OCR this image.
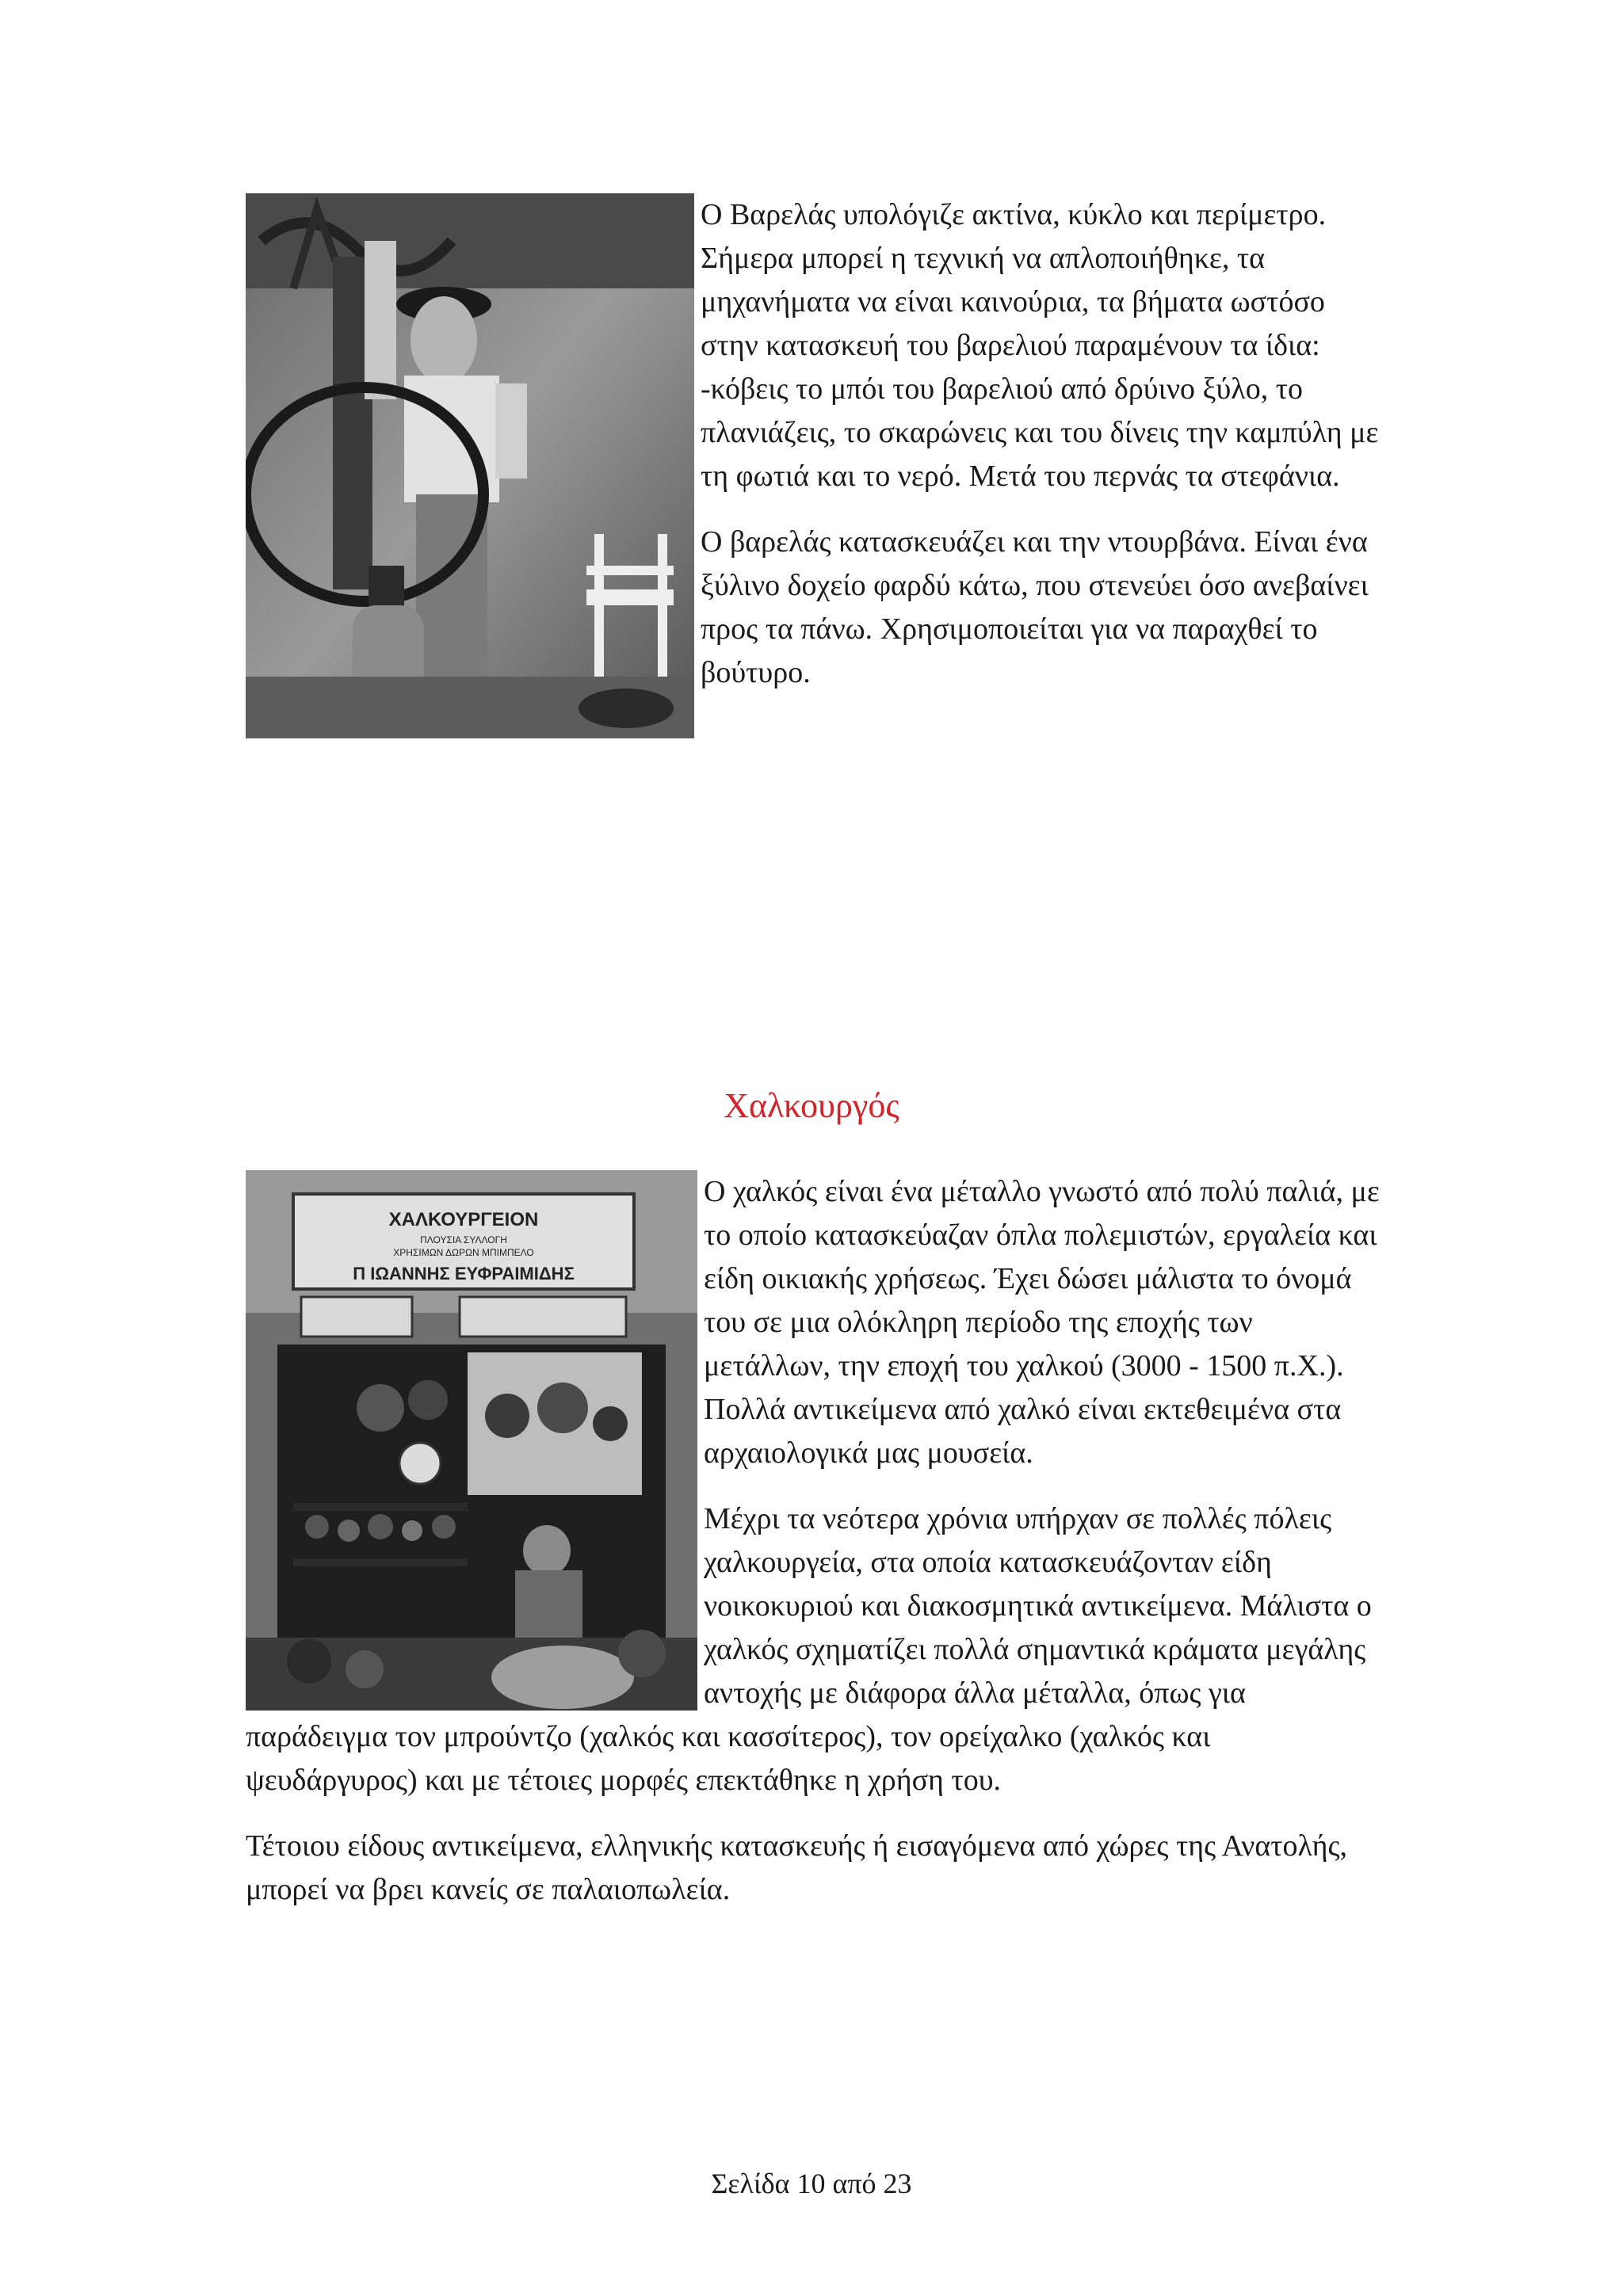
Ο Βαρελάς υπολόγιζε ακτίνα, κύκλο και περίμετρο. Σήμερα μπορεί η τεχνική να απλοποιήθηκε, τα μηχανήματα να είναι καινούρια, τα βήματα ωστόσο στην κατασκευή του βαρελιού παραμένουν τα ίδια: -κόβεις το μπόι του βαρελιού από δρύινο ξύλο, το πλανιάζεις, το σκαρώνεις και του δίνεις την καμπύλη με τη φωτιά και το νερό. Μετά του περνάς τα στεφάνια.

Ο βαρελάς κατασκευάζει και την ντουρβάνα. Είναι ένα ξύλινο δοχείο φαρδύ κάτω, που στενεύει όσο ανεβαίνει προς τα πάνω. Χρησιμοποιείται για να παραχθεί το βούτυρο.

Χαλκουργός
ΧΑΛΚΟΥΡΓΕΙΟΝ
ΠΛΟΥΣΙΑ ΣΥΛΛΟΓΗ
ΧΡΗΣΙΜΩΝ ΔΩΡΩΝ ΜΠΙΜΠΕΛΟ
Π ΙΩΑΝΝΗΣ ΕΥΦΡΑΙΜΙΔΗΣ

Ο χαλκός είναι ένα μέταλλο γνωστό από πολύ παλιά, με το οποίο κατασκεύαζαν όπλα πολεμιστών, εργαλεία και είδη οικιακής χρήσεως. Έχει δώσει μάλιστα το όνομά του σε μια ολόκληρη περίοδο της εποχής των μετάλλων, την εποχή του χαλκού (3000 - 1500 π.Χ.). Πολλά αντικείμενα από χαλκό είναι εκτεθειμένα στα αρχαιολογικά μας μουσεία.

Μέχρι τα νεότερα χρόνια υπήρχαν σε πολλές πόλεις χαλκουργεία, στα οποία κατασκευάζονταν είδη νοικοκυριού και διακοσμητικά αντικείμενα. Μάλιστα ο χαλκός σχηματίζει πολλά σημαντικά κράματα μεγάλης αντοχής με διάφορα άλλα μέταλλα, όπως για παράδειγμα τον μπρούντζο (χαλκός και κασσίτερος), τον ορείχαλκο (χαλκός και ψευδάργυρος) και με τέτοιες μορφές επεκτάθηκε η χρήση του.

Τέτοιου είδους αντικείμενα, ελληνικής κατασκευής ή εισαγόμενα από χώρες της Ανατολής, μπορεί να βρει κανείς σε παλαιοπωλεία.

Σελίδα 10 από 23
